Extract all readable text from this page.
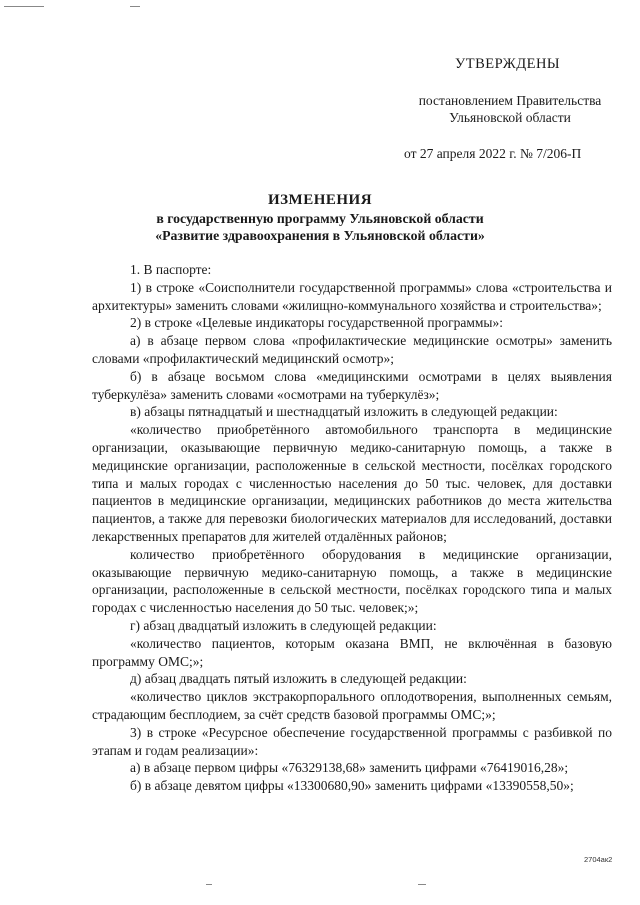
УТВЕРЖДЕНЫ
постановлением Правительства
Ульяновской области
от 27 апреля 2022 г. № 7/206-П
ИЗМЕНЕНИЯ
в государственную программу Ульяновской области
«Развитие здравоохранения в Ульяновской области»

1. В паспорте:

1) в строке «Соисполнители государственной программы» слова «строительства и архитектуры» заменить словами «жилищно-коммунального хозяйства и строительства»;

2) в строке «Целевые индикаторы государственной программы»:

а) в абзаце первом слова «профилактические медицинские осмотры» заменить словами «профилактический медицинский осмотр»;

б) в абзаце восьмом слова «медицинскими осмотрами в целях выявления туберкулёза» заменить словами «осмотрами на туберкулёз»;

в) абзацы пятнадцатый и шестнадцатый изложить в следующей редакции:

«количество приобретённого автомобильного транспорта в медицинские организации, оказывающие первичную медико-санитарную помощь, а также в медицинские организации, расположенные в сельской местности, посёлках городского типа и малых городах с численностью населения до 50 тыс. человек, для доставки пациентов в медицинские организации, медицинских работников до места жительства пациентов, а также для перевозки биологических материалов для исследований, доставки лекарственных препаратов для жителей отдалённых районов;

количество приобретённого оборудования в медицинские организации, оказывающие первичную медико-санитарную помощь, а также в медицинские организации, расположенные в сельской местности, посёлках городского типа и малых городах с численностью населения до 50 тыс. человек;»;

г) абзац двадцатый изложить в следующей редакции:

«количество пациентов, которым оказана ВМП, не включённая в базовую программу ОМС;»;

д) абзац двадцать пятый изложить в следующей редакции:

«количество циклов экстракорпорального оплодотворения, выполненных семьям, страдающим бесплодием, за счёт средств базовой программы ОМС;»;

3) в строке «Ресурсное обеспечение государственной программы с разбивкой по этапам и годам реализации»:

а) в абзаце первом цифры «76329138,68» заменить цифрами «76419016,28»;

б) в абзаце девятом цифры «13300680,90» заменить цифрами «13390558,50»;

2704ак2
